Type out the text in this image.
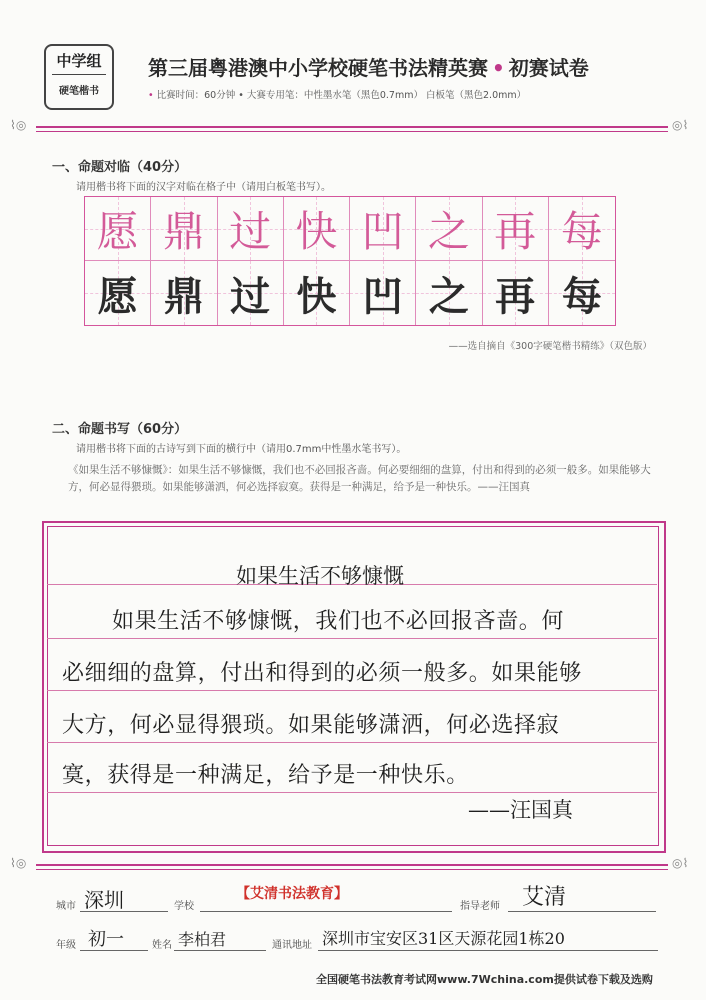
中学组
硬笔楷书
第三届粤港澳中小学校硬笔书法精英赛 • 初赛试卷
• 比赛时间：60分钟 • 大赛专用笔：中性墨水笔（黑色0.7mm） 白板笔（黑色2.0mm）
⌇◎	◎⌇
一、命题对临（40分）
请用楷书将下面的汉字对临在格子中（请用白板笔书写）。
愿 鼎 过 快 凹 之 再 每
愿 鼎 过 快 凹 之 再 每
——选自摘自《300字硬笔楷书精练》（双色版）
二、命题书写（60分）
请用楷书将下面的古诗写到下面的横行中（请用0.7mm中性墨水笔书写）。
《如果生活不够慷慨》：如果生活不够慷慨，我们也不必回报吝啬。何必要细细的盘算，付出和得到的必须一般多。如果能够大方，何必显得猥琐。如果能够潇洒，何必选择寂寞。获得是一种满足，给予是一种快乐。——汪国真
如果生活不够慷慨
如果生活不够慷慨，我们也不必回报吝啬。何
必细细的盘算，付出和得到的必须一般多。如果能够
大方，何必显得猥琐。如果能够潇洒，何必选择寂
寞，获得是一种满足，给予是一种快乐。
——汪国真
⌇◎	◎⌇
城市 深圳	学校
【艾清书法教育】
指导老师 艾清
年级 初一	姓名 李柏君	通讯地址 深圳市宝安区31区天源花园1栋20
全国硬笔书法教育考试网www.7Wchina.com提供试卷下载及选购
